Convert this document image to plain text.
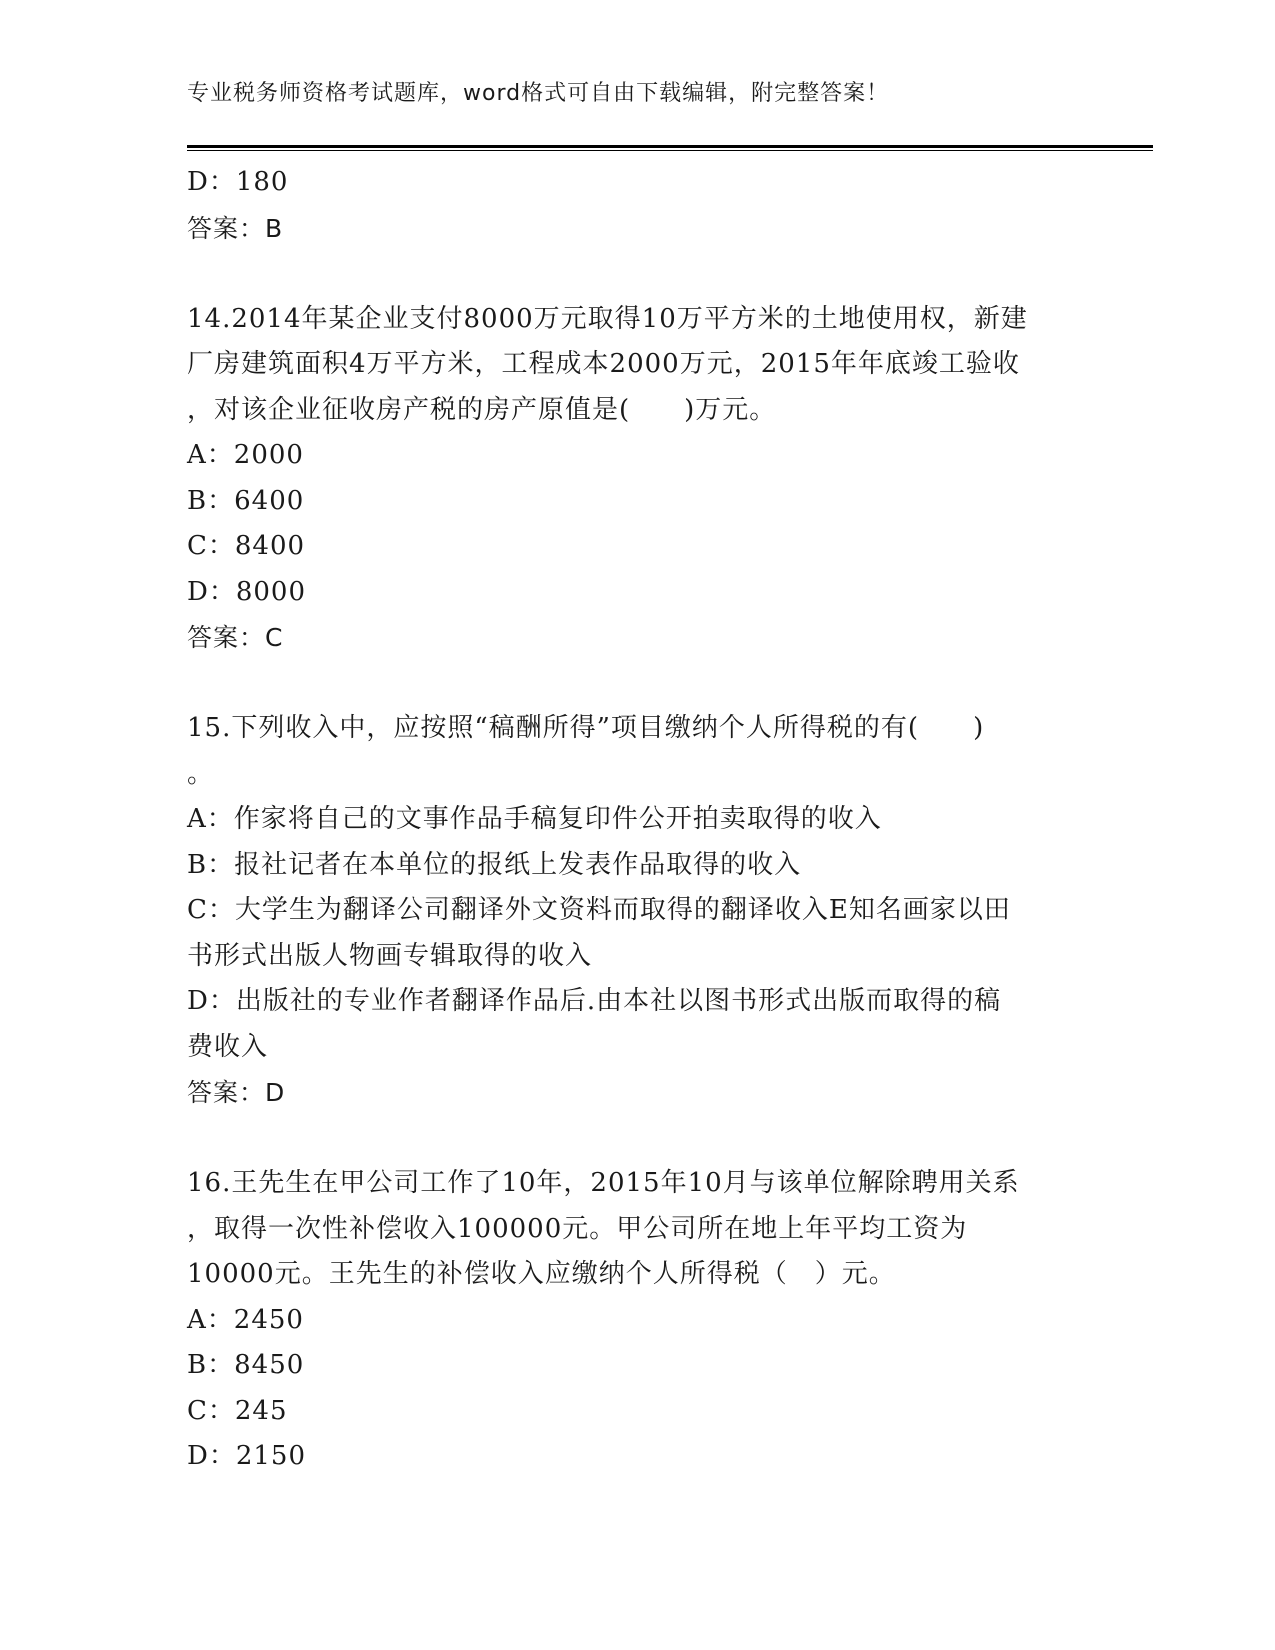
专业税务师资格考试题库，word格式可自由下载编辑，附完整答案！
D：180
答案：B
14.2014年某企业支付8000万元取得10万平方米的土地使用权，新建
厂房建筑面积4万平方米，工程成本2000万元，2015年年底竣工验收
，对该企业征收房产税的房产原值是(　　)万元。
A：2000
B：6400
C：8400
D：8000
答案：C
15.下列收入中，应按照“稿酬所得”项目缴纳个人所得税的有(　　)
。
A：作家将自己的文事作品手稿复印件公开拍卖取得的收入
B：报社记者在本单位的报纸上发表作品取得的收入
C：大学生为翻译公司翻译外文资料而取得的翻译收入E知名画家以田
书形式出版人物画专辑取得的收入
D：出版社的专业作者翻译作品后.由本社以图书形式出版而取得的稿
费收入
答案：D
16.王先生在甲公司工作了10年，2015年10月与该单位解除聘用关系
，取得一次性补偿收入100000元。甲公司所在地上年平均工资为
10000元。王先生的补偿收入应缴纳个人所得税（　）元。
A：2450
B：8450
C：245
D：2150
